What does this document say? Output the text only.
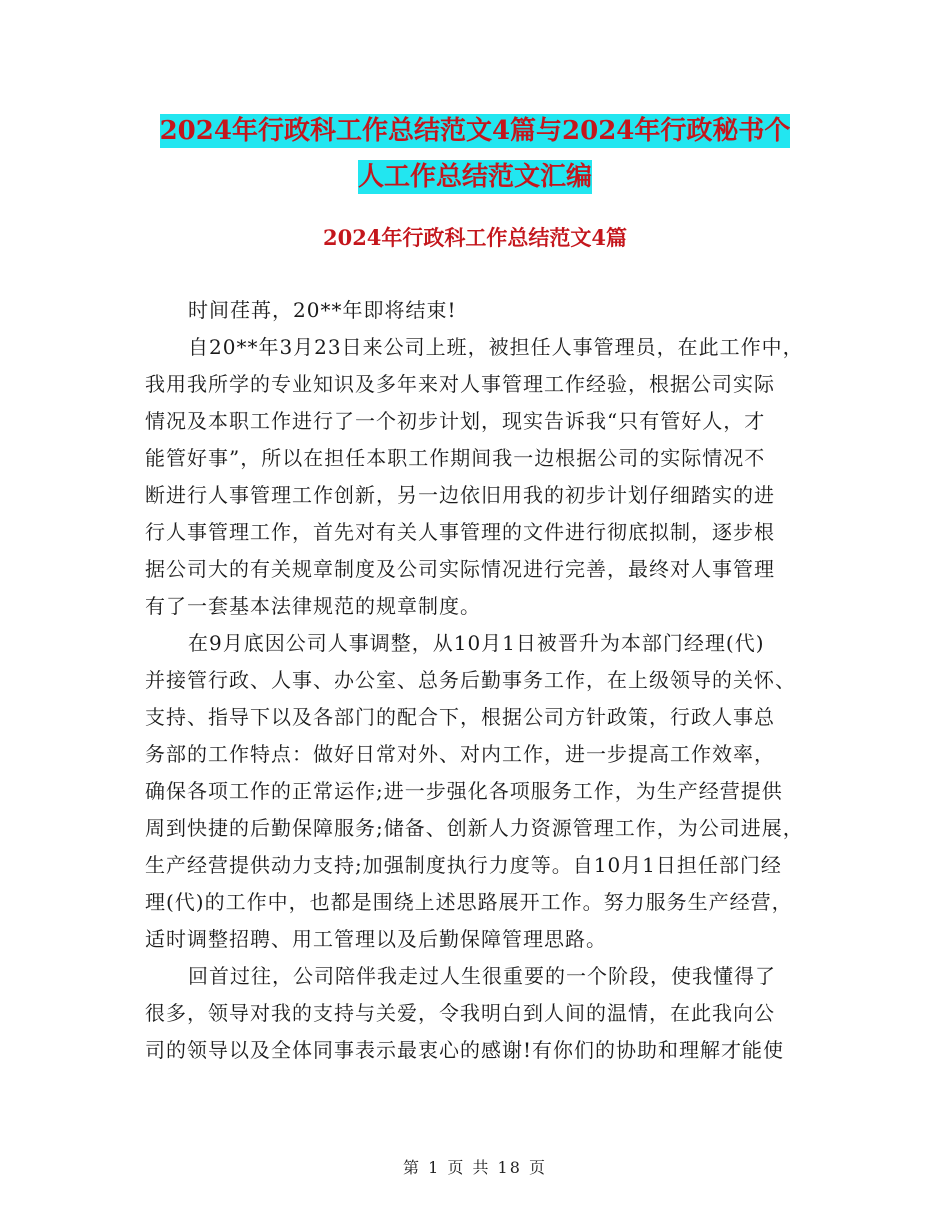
2024年行政科工作总结范文4篇与2024年行政秘书个
人工作总结范文汇编
2024年行政科工作总结范文4篇
时间荏苒，20**年即将结束!
自20**年3月23日来公司上班，被担任人事管理员，在此工作中，
我用我所学的专业知识及多年来对人事管理工作经验，根据公司实际
情况及本职工作进行了一个初步计划，现实告诉我“只有管好人，才
能管好事”，所以在担任本职工作期间我一边根据公司的实际情况不
断进行人事管理工作创新，另一边依旧用我的初步计划仔细踏实的进
行人事管理工作，首先对有关人事管理的文件进行彻底拟制，逐步根
据公司大的有关规章制度及公司实际情况进行完善，最终对人事管理
有了一套基本法律规范的规章制度。
在9月底因公司人事调整，从10月1日被晋升为本部门经理(代)
并接管行政、人事、办公室、总务后勤事务工作，在上级领导的关怀、
支持、指导下以及各部门的配合下，根据公司方针政策，行政人事总
务部的工作特点：做好日常对外、对内工作，进一步提高工作效率，
确保各项工作的正常运作;进一步强化各项服务工作，为生产经营提供
周到快捷的后勤保障服务;储备、创新人力资源管理工作，为公司进展，
生产经营提供动力支持;加强制度执行力度等。自10月1日担任部门经
理(代)的工作中，也都是围绕上述思路展开工作。努力服务生产经营，
适时调整招聘、用工管理以及后勤保障管理思路。
回首过往，公司陪伴我走过人生很重要的一个阶段，使我懂得了
很多，领导对我的支持与关爱，令我明白到人间的温情，在此我向公
司的领导以及全体同事表示最衷心的感谢!有你们的协助和理解才能使
第 1 页 共 18 页
